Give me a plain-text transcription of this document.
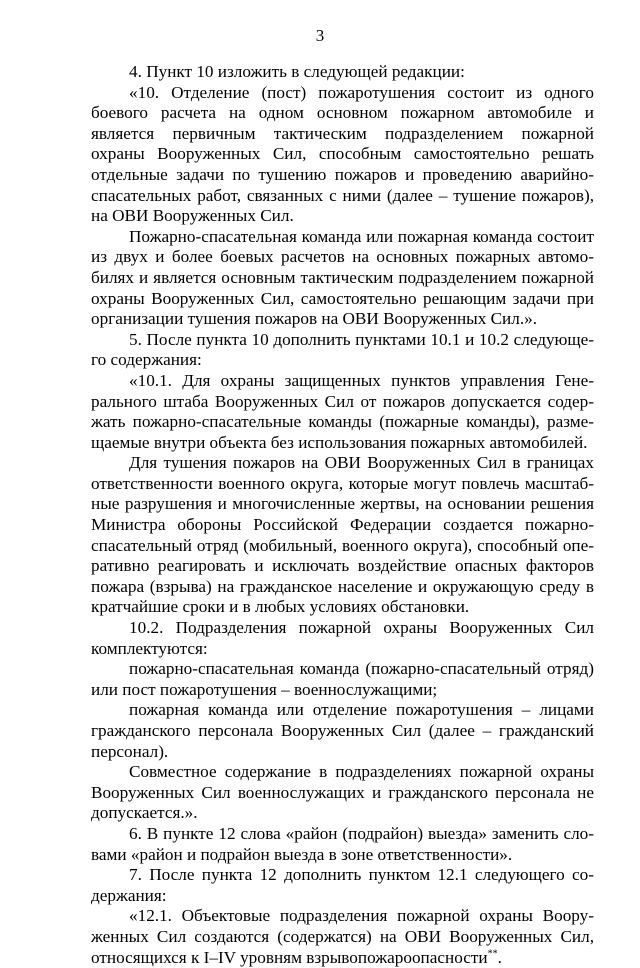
3

4. Пункт 10 изложить в следующей редакции:

«10. Отделение (пост) пожаротушения состоит из одного боевого расчета на одном основном пожарном автомобиле и является первичным тактическим подразделением пожарной охраны Вооруженных Сил, способным самостоятельно решать отдельные задачи по тушению пожаров и проведению аварийно-спасательных работ, связанных с ними (далее – тушение пожаров), на ОВИ Вооруженных Сил.

Пожарно-спасательная команда или пожарная команда состоит из двух и более боевых расчетов на основных пожарных автомобилях и является основным тактическим подразделением пожарной охраны Вооруженных Сил, самостоятельно решающим задачи при организации тушения пожаров на ОВИ Вооруженных Сил.».

5. После пункта 10 дополнить пунктами 10.1 и 10.2 следующего содержания:

«10.1. Для охраны защищенных пунктов управления Генерального штаба Вооруженных Сил от пожаров допускается содержать пожарно-спасательные команды (пожарные команды), размещаемые внутри объекта без использования пожарных автомобилей.

Для тушения пожаров на ОВИ Вооруженных Сил в границах ответственности военного округа, которые могут повлечь масштабные разрушения и многочисленные жертвы, на основании решения Министра обороны Российской Федерации создается пожарно-спасательный отряд (мобильный, военного округа), способный оперативно реагировать и исключать воздействие опасных факторов пожара (взрыва) на гражданское население и окружающую среду в кратчайшие сроки и в любых условиях обстановки.

10.2. Подразделения пожарной охраны Вооруженных Сил комплектуются:

пожарно-спасательная команда (пожарно-спасательный отряд) или пост пожаротушения – военнослужащими;

пожарная команда или отделение пожаротушения – лицами гражданского персонала Вооруженных Сил (далее – гражданский персонал).

Совместное содержание в подразделениях пожарной охраны Вооруженных Сил военнослужащих и гражданского персонала не допускается.».

6. В пункте 12 слова «район (подрайон) выезда» заменить словами «район и подрайон выезда в зоне ответственности».

7. После пункта 12 дополнить пунктом 12.1 следующего содержания:

«12.1. Объектовые подразделения пожарной охраны Вооруженных Сил создаются (содержатся) на ОВИ Вооруженных Сил, относящихся к I–IV уровням взрывопожароопасности**.
